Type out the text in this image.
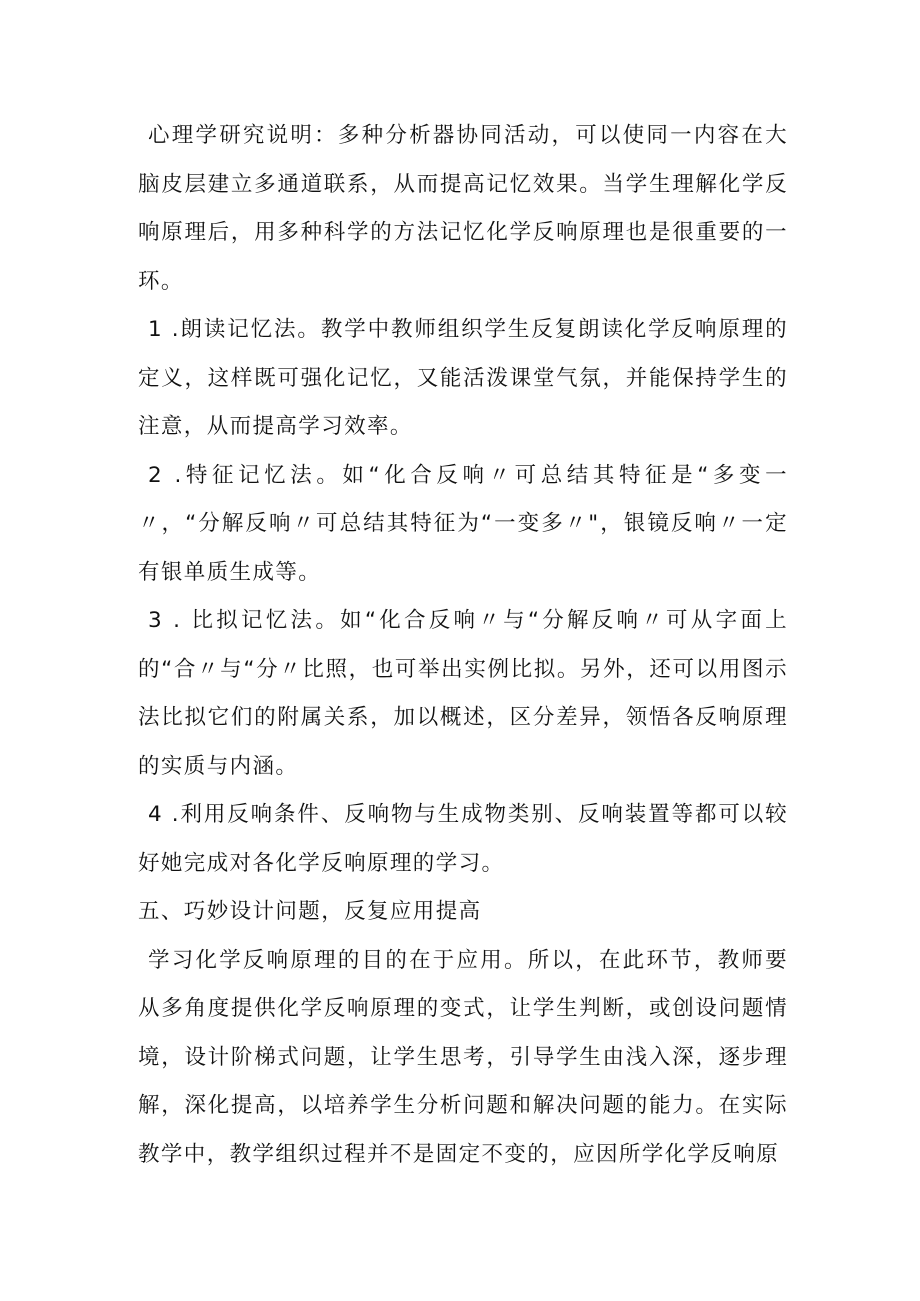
心理学研究说明：多种分析器协同活动，可以使同一内容在大脑皮层建立多通道联系，从而提高记忆效果。当学生理解化学反响原理后，用多种科学的方法记忆化学反响原理也是很重要的一环。

1 .朗读记忆法。教学中教师组织学生反复朗读化学反响原理的定义，这样既可强化记忆，又能活泼课堂气氛，并能保持学生的注意，从而提高学习效率。

2 .特征记忆法。如“化合反响〃可总结其特征是“多变一〃，“分解反响〃可总结其特征为“一变多〃"，银镜反响〃一定有银单质生成等。

3 . 比拟记忆法。如“化合反响〃与“分解反响〃可从字面上的“合〃与“分〃比照，也可举出实例比拟。另外，还可以用图示法比拟它们的附属关系，加以概述，区分差异，领悟各反响原理的实质与内涵。

4 .利用反响条件、反响物与生成物类别、反响装置等都可以较好她完成对各化学反响原理的学习。

五、巧妙设计问题，反复应用提高

学习化学反响原理的目的在于应用。所以，在此环节，教师要从多角度提供化学反响原理的变式，让学生判断，或创设问题情境，设计阶梯式问题，让学生思考，引导学生由浅入深，逐步理解，深化提高，以培养学生分析问题和解决问题的能力。在实际教学中，教学组织过程并不是固定不变的，应因所学化学反响原
